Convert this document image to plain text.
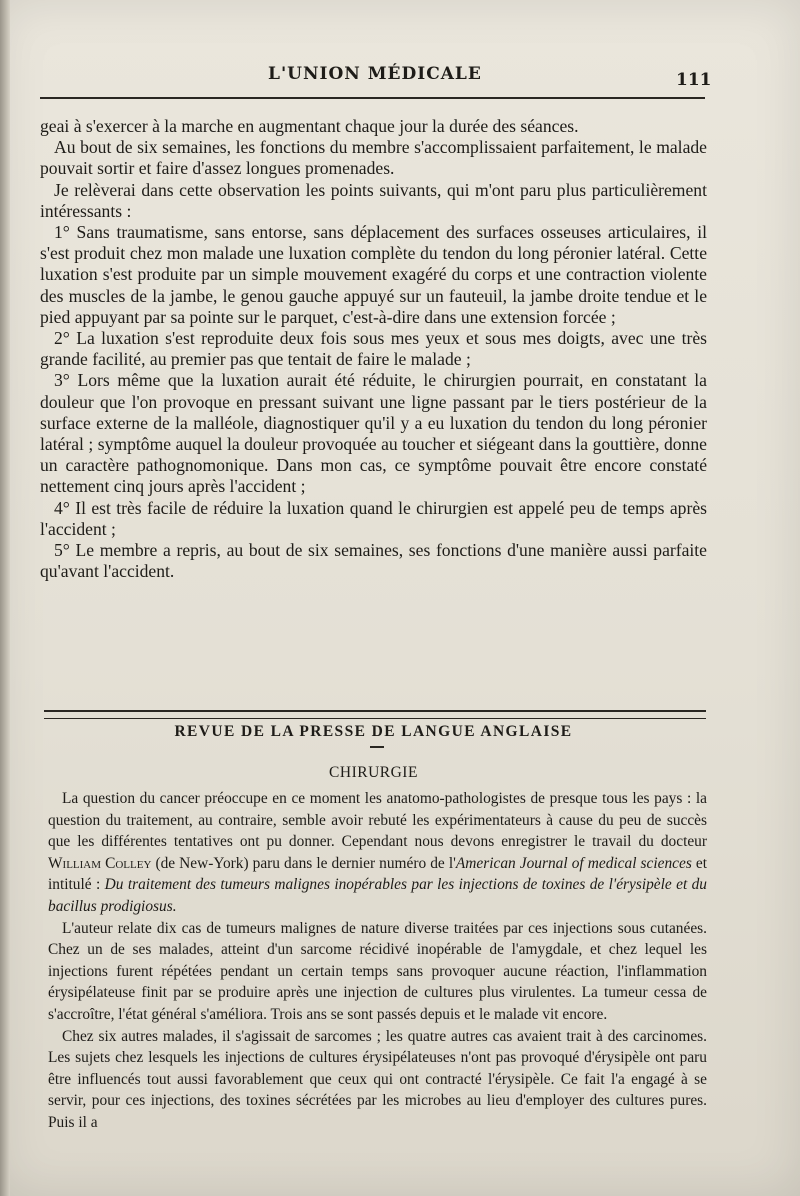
L'UNION MÉDICALE	111

geai à s'exercer à la marche en augmentant chaque jour la durée des séances.

Au bout de six semaines, les fonctions du membre s'accomplissaient parfaitement, le malade pouvait sortir et faire d'assez longues promenades.

Je relèverai dans cette observation les points suivants, qui m'ont paru plus particulièrement intéressants :

1° Sans traumatisme, sans entorse, sans déplacement des surfaces osseuses articulaires, il s'est produit chez mon malade une luxation complète du tendon du long péronier latéral. Cette luxation s'est produite par un simple mouvement exagéré du corps et une contraction violente des muscles de la jambe, le genou gauche appuyé sur un fauteuil, la jambe droite tendue et le pied appuyant par sa pointe sur le parquet, c'est-à-dire dans une extension forcée ;

2° La luxation s'est reproduite deux fois sous mes yeux et sous mes doigts, avec une très grande facilité, au premier pas que tentait de faire le malade ;

3° Lors même que la luxation aurait été réduite, le chirurgien pourrait, en constatant la douleur que l'on provoque en pressant suivant une ligne passant par le tiers postérieur de la surface externe de la malléole, diagnostiquer qu'il y a eu luxation du tendon du long péronier latéral ; symptôme auquel la douleur provoquée au toucher et siégeant dans la gouttière, donne un caractère pathognomonique. Dans mon cas, ce symptôme pouvait être encore constaté nettement cinq jours après l'accident ;

4° Il est très facile de réduire la luxation quand le chirurgien est appelé peu de temps après l'accident ;

5° Le membre a repris, au bout de six semaines, ses fonctions d'une manière aussi parfaite qu'avant l'accident.

REVUE DE LA PRESSE DE LANGUE ANGLAISE
CHIRURGIE

La question du cancer préoccupe en ce moment les anatomo-pathologistes de presque tous les pays : la question du traitement, au contraire, semble avoir rebuté les expérimentateurs à cause du peu de succès que les différentes tentatives ont pu donner. Cependant nous devons enregistrer le travail du docteur William Colley (de New-York) paru dans le dernier numéro de l'American Journal of medical sciences et intitulé : Du traitement des tumeurs malignes inopérables par les injections de toxines de l'érysipèle et du bacillus prodigiosus.

L'auteur relate dix cas de tumeurs malignes de nature diverse traitées par ces injections sous cutanées. Chez un de ses malades, atteint d'un sarcome récidivé inopérable de l'amygdale, et chez lequel les injections furent répétées pendant un certain temps sans provoquer aucune réaction, l'inflammation érysipélateuse finit par se produire après une injection de cultures plus virulentes. La tumeur cessa de s'accroître, l'état général s'améliora. Trois ans se sont passés depuis et le malade vit encore.

Chez six autres malades, il s'agissait de sarcomes ; les quatre autres cas avaient trait à des carcinomes. Les sujets chez lesquels les injections de cultures érysipélateuses n'ont pas provoqué d'érysipèle ont paru être influencés tout aussi favorablement que ceux qui ont contracté l'érysipèle. Ce fait l'a engagé à se servir, pour ces injections, des toxines sécrétées par les microbes au lieu d'employer des cultures pures. Puis il a
